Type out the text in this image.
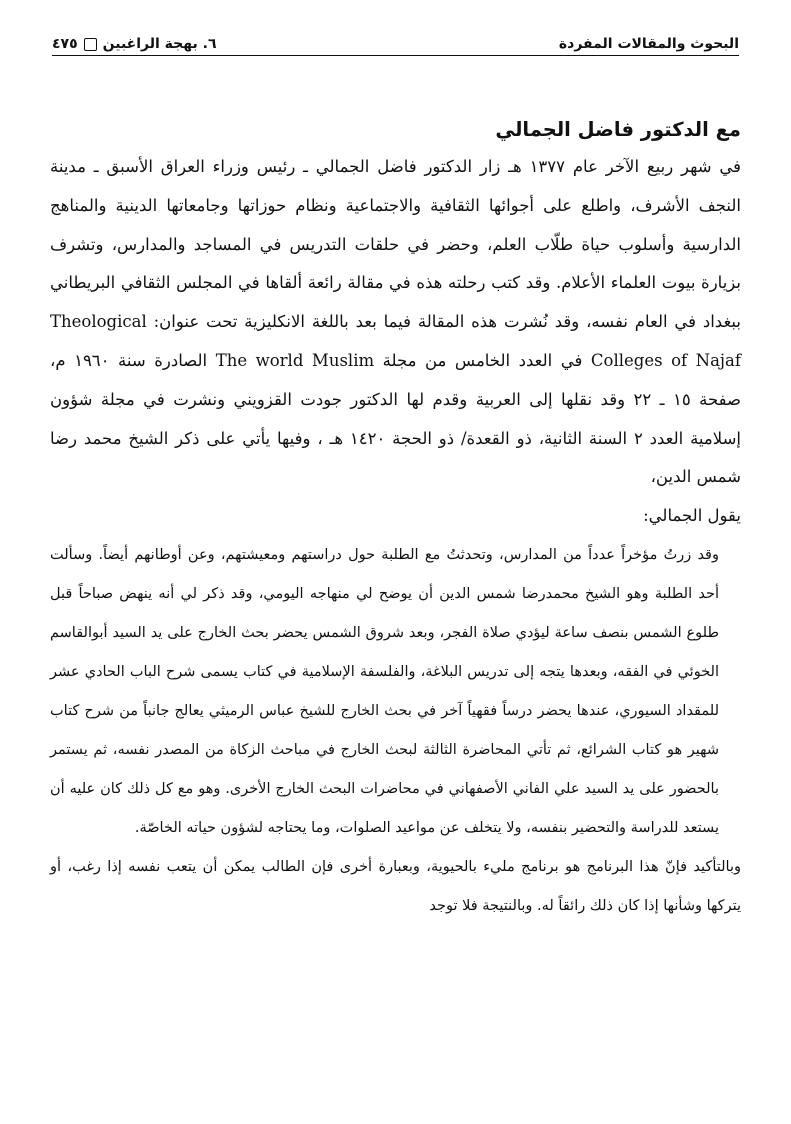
البحوث والمقالات المفردة
٦. بهجة الراغبين
٤٧٥
مع الدكتور فاضل الجمالي

في شهر ربيع الآخر عام ١٣٧٧ هـ زار الدكتور فاضل الجمالي ـ رئيس وزراء العراق الأسبق ـ مدينة النجف الأشرف، واطلع على أجوائها الثقافية والاجتماعية ونظام حوزاتها وجامعاتها الدينية والمناهج الدارسية وأسلوب حياة طلّاب العلم، وحضر في حلقات التدريس في المساجد والمدارس، وتشرف بزيارة بيوت العلماء الأعلام. وقد كتب رحلته هذه في مقالة رائعة ألقاها في المجلس الثقافي البريطاني ببغداد في العام نفسه، وقد نُشرت هذه المقالة فيما بعد باللغة الانكليزية تحت عنوان: Theological Colleges of Najaf في العدد الخامس من مجلة The world Muslim الصادرة سنة ١٩٦٠ م، صفحة ١٥ ـ ٢٢ وقد نقلها إلى العربية وقدم لها الدكتور جودت القزويني ونشرت في مجلة شؤون إسلامية العدد ٢ السنة الثانية، ذو القعدة/ ذو الحجة ١٤٢٠ هـ ، وفيها يأتي على ذكر الشيخ محمد رضا شمس الدين،
يقول الجمالي:

وقد زرتُ مؤخراً عدداً من المدارس، وتحدثتُ مع الطلبة حول دراستهم ومعيشتهم، وعن أوطانهم أيضاً. وسألت أحد الطلبة وهو الشيخ محمدرضا شمس الدين أن يوضح لي منهاجه اليومي، وقد ذكر لي أنه ينهض صباحاً قبل طلوع الشمس بنصف ساعة ليؤدي صلاة الفجر، وبعد شروق الشمس يحضر بحث الخارج على يد السيد أبوالقاسم الخوئي في الفقه، وبعدها يتجه إلى تدريس البلاغة، والفلسفة الإسلامية في كتاب يسمى شرح الباب الحادي عشر للمقداد السيوري، عندها يحضر درساً فقهياً آخر في بحث الخارج للشيخ عباس الرميثي يعالج جانباً من شرح كتاب شهير هو كتاب الشرائع، ثم تأتي المحاضرة الثالثة لبحث الخارج في مباحث الزكاة من المصدر نفسه، ثم يستمر بالحضور على يد السيد علي الفاني الأصفهاني في محاضرات البحث الخارج الأخرى. وهو مع كل ذلك كان عليه أن يستعد للدراسة والتحضير بنفسه، ولا يتخلف عن مواعيد الصلوات، وما يحتاجه لشؤون حياته الخاصّة.

وبالتأكيد فإنّ هذا البرنامج هو برنامج مليء بالحيوية، وبعبارة أخرى فإن الطالب يمكن أن يتعب نفسه إذا رغب، أو يتركها وشأنها إذا كان ذلك رائقاً له. وبالنتيجة فلا توجد
